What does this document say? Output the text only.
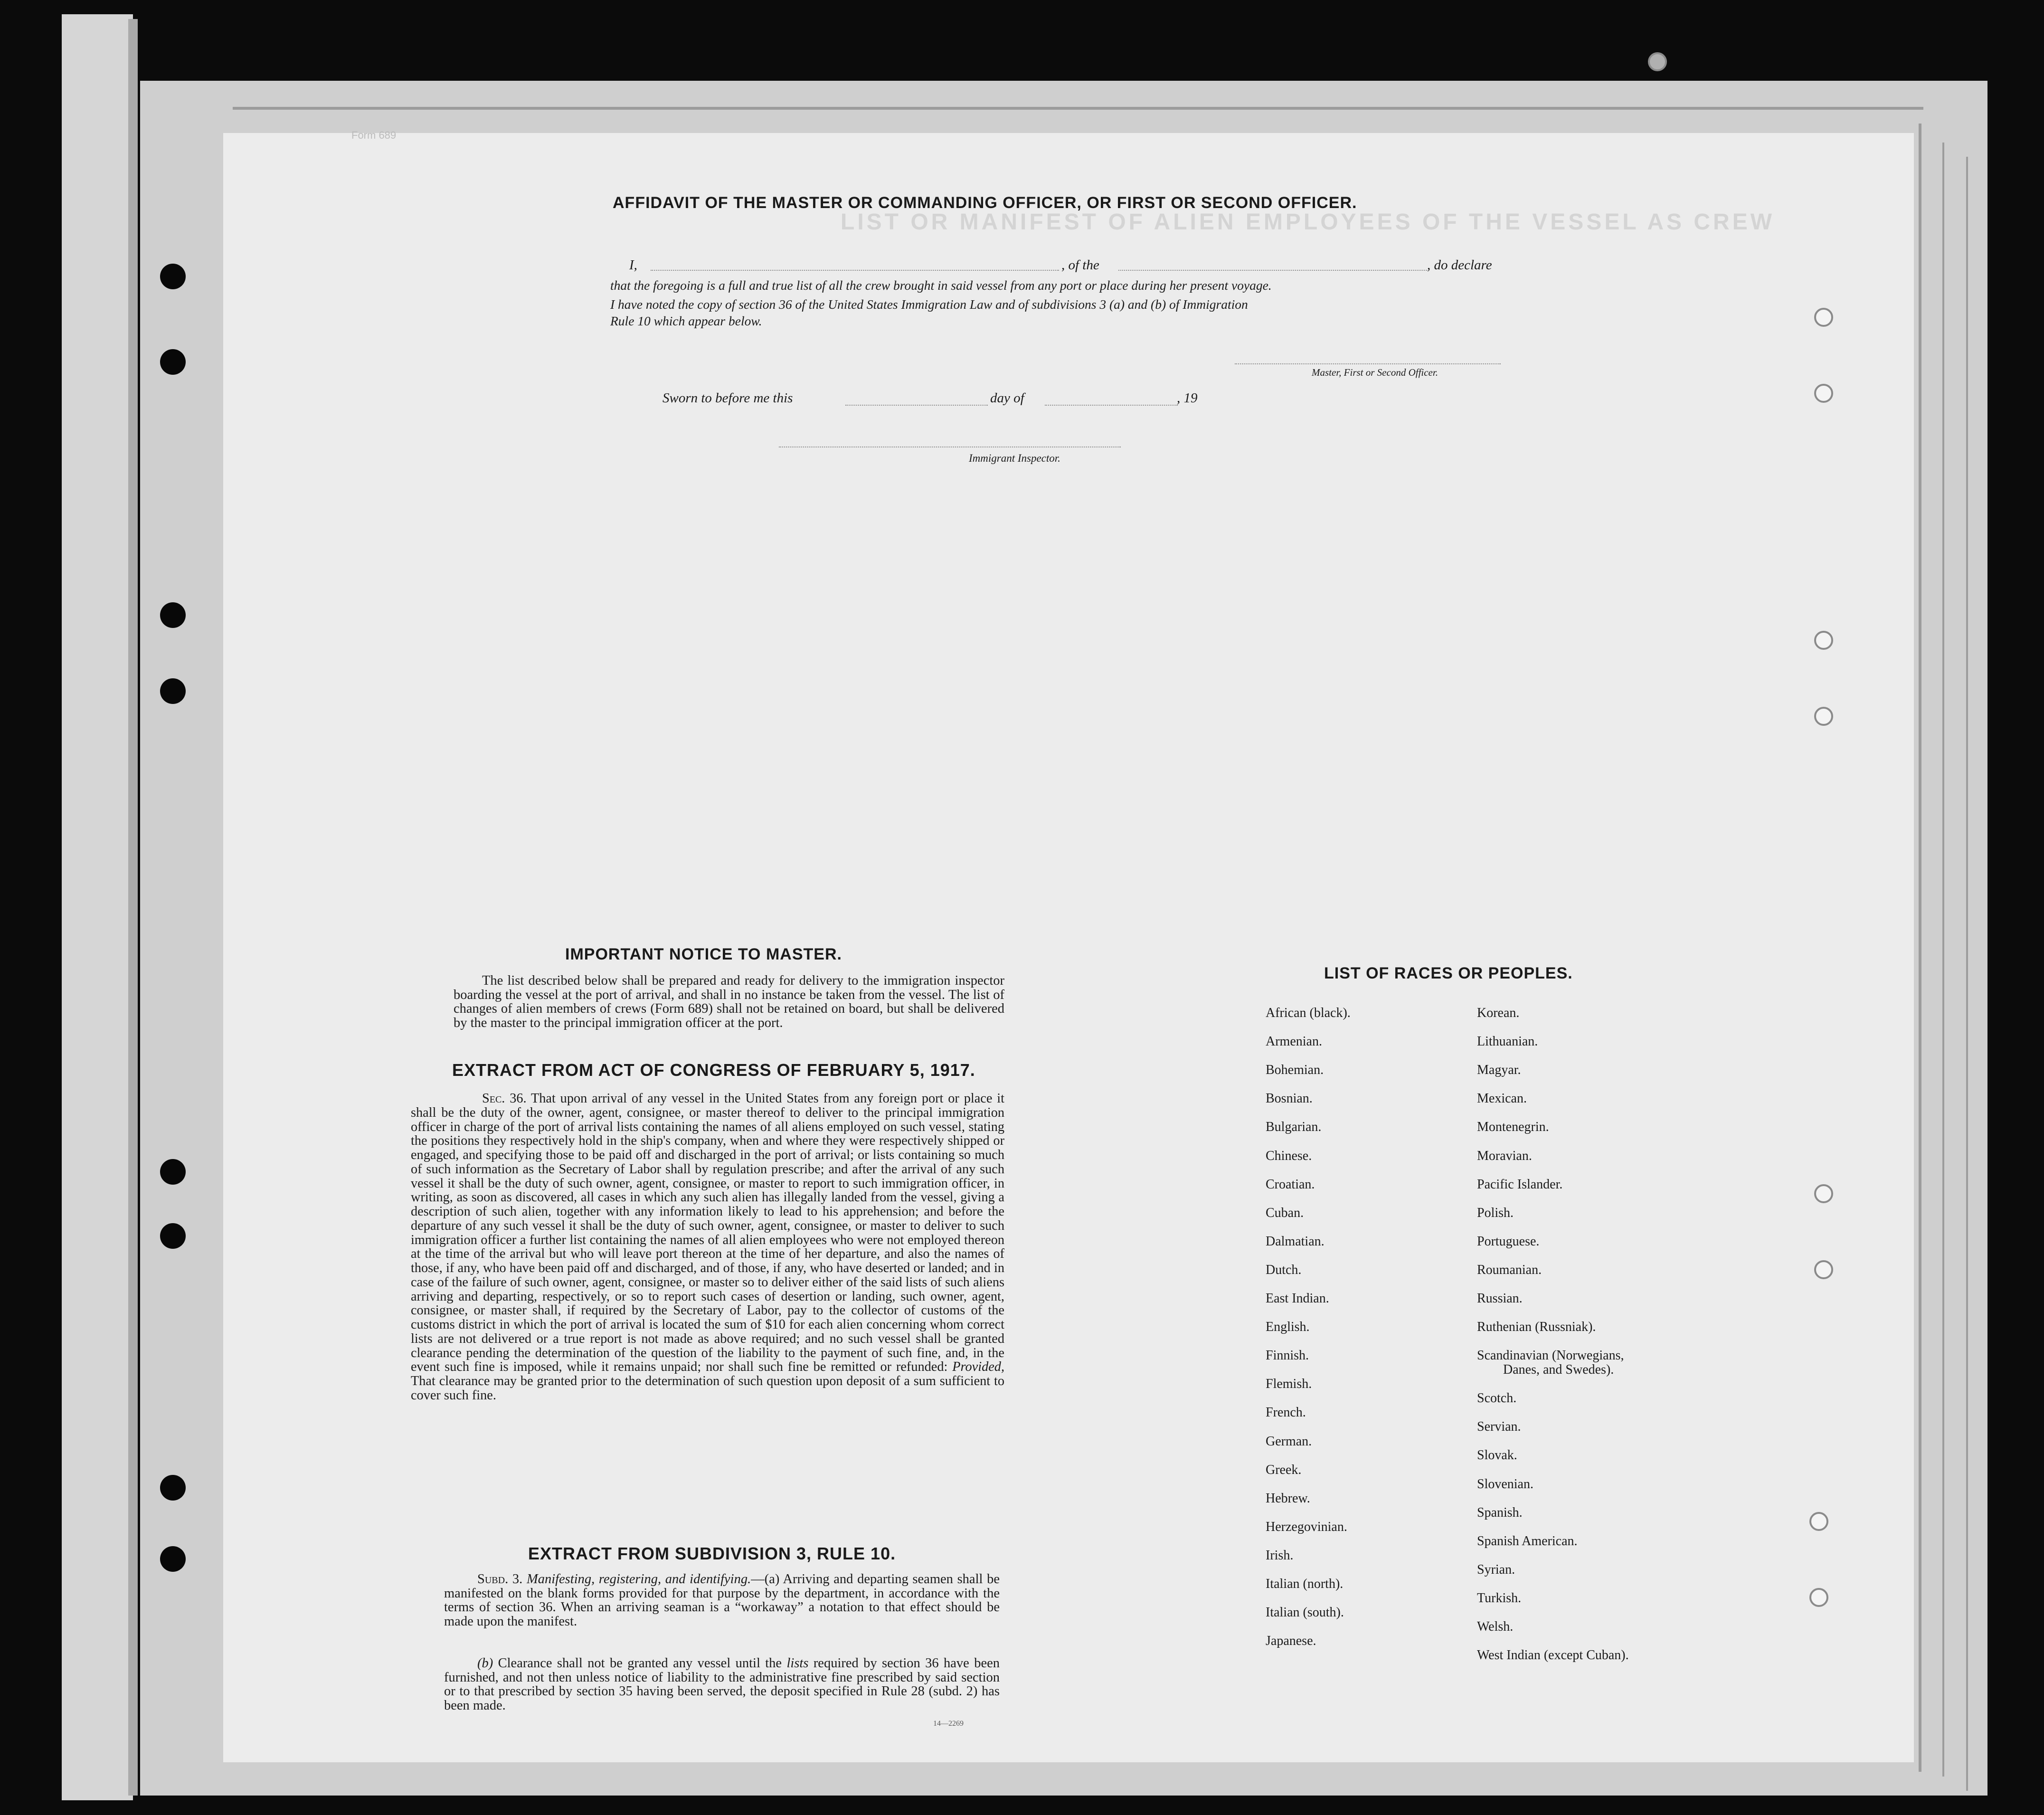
Form 689
LIST OR MANIFEST OF ALIEN EMPLOYEES OF THE VESSEL AS CREW
AFFIDAVIT OF THE MASTER OR COMMANDING OFFICER, OR FIRST OR SECOND OFFICER.
I,	, of the	, do declare
that the foregoing is a full and true list of all the crew brought in said vessel from any port or place during her present voyage.
I have noted the copy of section 36 of the United States Immigration Law and of subdivisions 3 (a) and (b) of Immigration
Rule 10 which appear below.
Master, First or Second Officer.
Sworn to before me this	day of	, 19
Immigrant Inspector.
IMPORTANT NOTICE TO MASTER.
The list described below shall be prepared and ready for delivery to the immigration inspector boarding the vessel at the port of arrival, and shall in no instance be taken from the vessel. The list of changes of alien members of crews (Form 689) shall not be retained on board, but shall be delivered by the master to the principal immigration officer at the port.
EXTRACT FROM ACT OF CONGRESS OF FEBRUARY 5, 1917.
Sec. 36. That upon arrival of any vessel in the United States from any foreign port or place it shall be the duty of the owner, agent, consignee, or master thereof to deliver to the principal immigration officer in charge of the port of arrival lists containing the names of all aliens employed on such vessel, stating the positions they respectively hold in the ship's company, when and where they were respectively shipped or engaged, and specifying those to be paid off and discharged in the port of arrival; or lists containing so much of such information as the Secretary of Labor shall by regulation prescribe; and after the arrival of any such vessel it shall be the duty of such owner, agent, consignee, or master to report to such immigration officer, in writing, as soon as discovered, all cases in which any such alien has illegally landed from the vessel, giving a description of such alien, together with any information likely to lead to his apprehension; and before the departure of any such vessel it shall be the duty of such owner, agent, consignee, or master to deliver to such immigration officer a further list containing the names of all alien employees who were not employed thereon at the time of the arrival but who will leave port thereon at the time of her departure, and also the names of those, if any, who have been paid off and discharged, and of those, if any, who have deserted or landed; and in case of the failure of such owner, agent, consignee, or master so to deliver either of the said lists of such aliens arriving and departing, respectively, or so to report such cases of desertion or landing, such owner, agent, consignee, or master shall, if required by the Secretary of Labor, pay to the collector of customs of the customs district in which the port of arrival is located the sum of $10 for each alien concerning whom correct lists are not delivered or a true report is not made as above required; and no such vessel shall be granted clearance pending the determination of the question of the liability to the payment of such fine, and, in the event such fine is imposed, while it remains unpaid; nor shall such fine be remitted or refunded: Provided, That clearance may be granted prior to the determination of such question upon deposit of a sum sufficient to cover such fine.
EXTRACT FROM SUBDIVISION 3, RULE 10.
Subd. 3. Manifesting, registering, and identifying.—(a) Arriving and departing seamen shall be manifested on the blank forms provided for that purpose by the department, in accordance with the terms of section 36. When an arriving seaman is a “workaway” a notation to that effect should be made upon the manifest.
(b) Clearance shall not be granted any vessel until the lists required by section 36 have been furnished, and not then unless notice of liability to the administrative fine prescribed by said section or to that prescribed by section 35 having been served, the deposit specified in Rule 28 (subd. 2) has been made.
14—2269
LIST OF RACES OR PEOPLES.
African (black).
Armenian.
Bohemian.
Bosnian.
Bulgarian.
Chinese.
Croatian.
Cuban.
Dalmatian.
Dutch.
East Indian.
English.
Finnish.
Flemish.
French.
German.
Greek.
Hebrew.
Herzegovinian.
Irish.
Italian (north).
Italian (south).
Japanese.
Korean.
Lithuanian.
Magyar.
Mexican.
Montenegrin.
Moravian.
Pacific Islander.
Polish.
Portuguese.
Roumanian.
Russian.
Ruthenian (Russniak).
Scandinavian (Norwegians,
Danes, and Swedes).
Scotch.
Servian.
Slovak.
Slovenian.
Spanish.
Spanish American.
Syrian.
Turkish.
Welsh.
West Indian (except Cuban).
